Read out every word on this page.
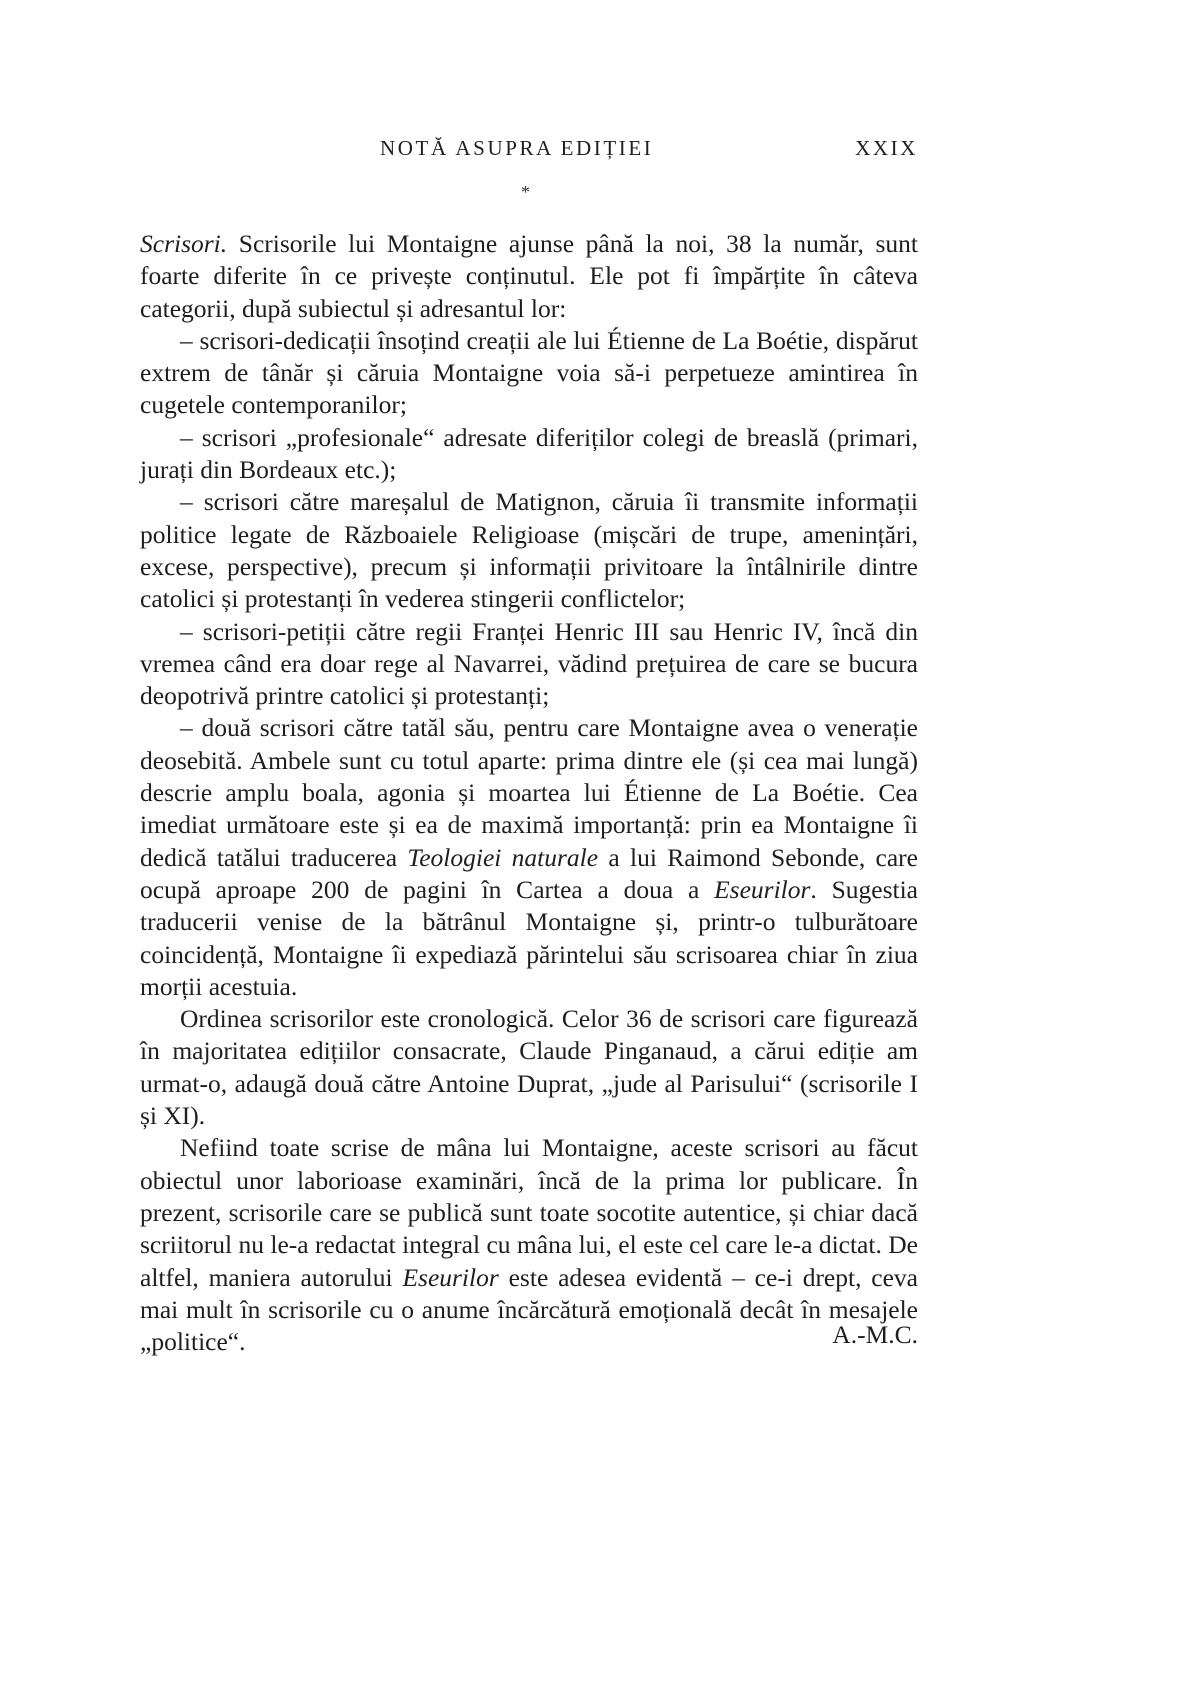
NOTĂ ASUPRA EDIȚIEI	XXIX
*

Scrisori. Scrisorile lui Montaigne ajunse până la noi, 38 la număr, sunt foarte diferite în ce privește conținutul. Ele pot fi împărțite în câteva categorii, după subiectul și adresantul lor:

– scrisori-dedicații însoțind creații ale lui Étienne de La Boétie, dispărut extrem de tânăr și căruia Montaigne voia să-i perpetueze amintirea în cugetele contemporanilor;

– scrisori „profesionale“ adresate diferiților colegi de breaslă (primari, jurați din Bordeaux etc.);

– scrisori către mareșalul de Matignon, căruia îi transmite informații politice legate de Războaiele Religioase (mișcări de trupe, amenințări, excese, perspective), precum și informații privitoare la întâlnirile dintre catolici și protestanți în vederea stingerii conflictelor;

– scrisori-petiții către regii Franței Henric III sau Henric IV, încă din vremea când era doar rege al Navarrei, vădind prețuirea de care se bucura deopotrivă printre catolici și protestanți;

– două scrisori către tatăl său, pentru care Montaigne avea o venerație deosebită. Ambele sunt cu totul aparte: prima dintre ele (și cea mai lungă) descrie amplu boala, agonia și moartea lui Étienne de La Boétie. Cea imediat următoare este și ea de maximă importanță: prin ea Montaigne îi dedică tatălui traducerea Teologiei naturale a lui Raimond Sebonde, care ocupă aproape 200 de pagini în Cartea a doua a Eseurilor. Sugestia traducerii venise de la bătrânul Montaigne și, printr-o tulburătoare coincidență, Montaigne îi expediază părintelui său scrisoarea chiar în ziua morții acestuia.

Ordinea scrisorilor este cronologică. Celor 36 de scrisori care figurează în majoritatea edițiilor consacrate, Claude Pinganaud, a cărui ediție am urmat-o, adaugă două către Antoine Duprat, „jude al Parisului“ (scrisorile I și XI).

Nefiind toate scrise de mâna lui Montaigne, aceste scrisori au făcut obiectul unor laborioase examinări, încă de la prima lor publicare. În prezent, scrisorile care se publică sunt toate socotite autentice, și chiar dacă scriitorul nu le-a redactat integral cu mâna lui, el este cel care le-a dictat. De altfel, maniera autorului Eseurilor este adesea evidentă – ce-i drept, ceva mai mult în scrisorile cu o anume încărcătură emoțională decât în mesajele „politice“.	A.-M.C.
